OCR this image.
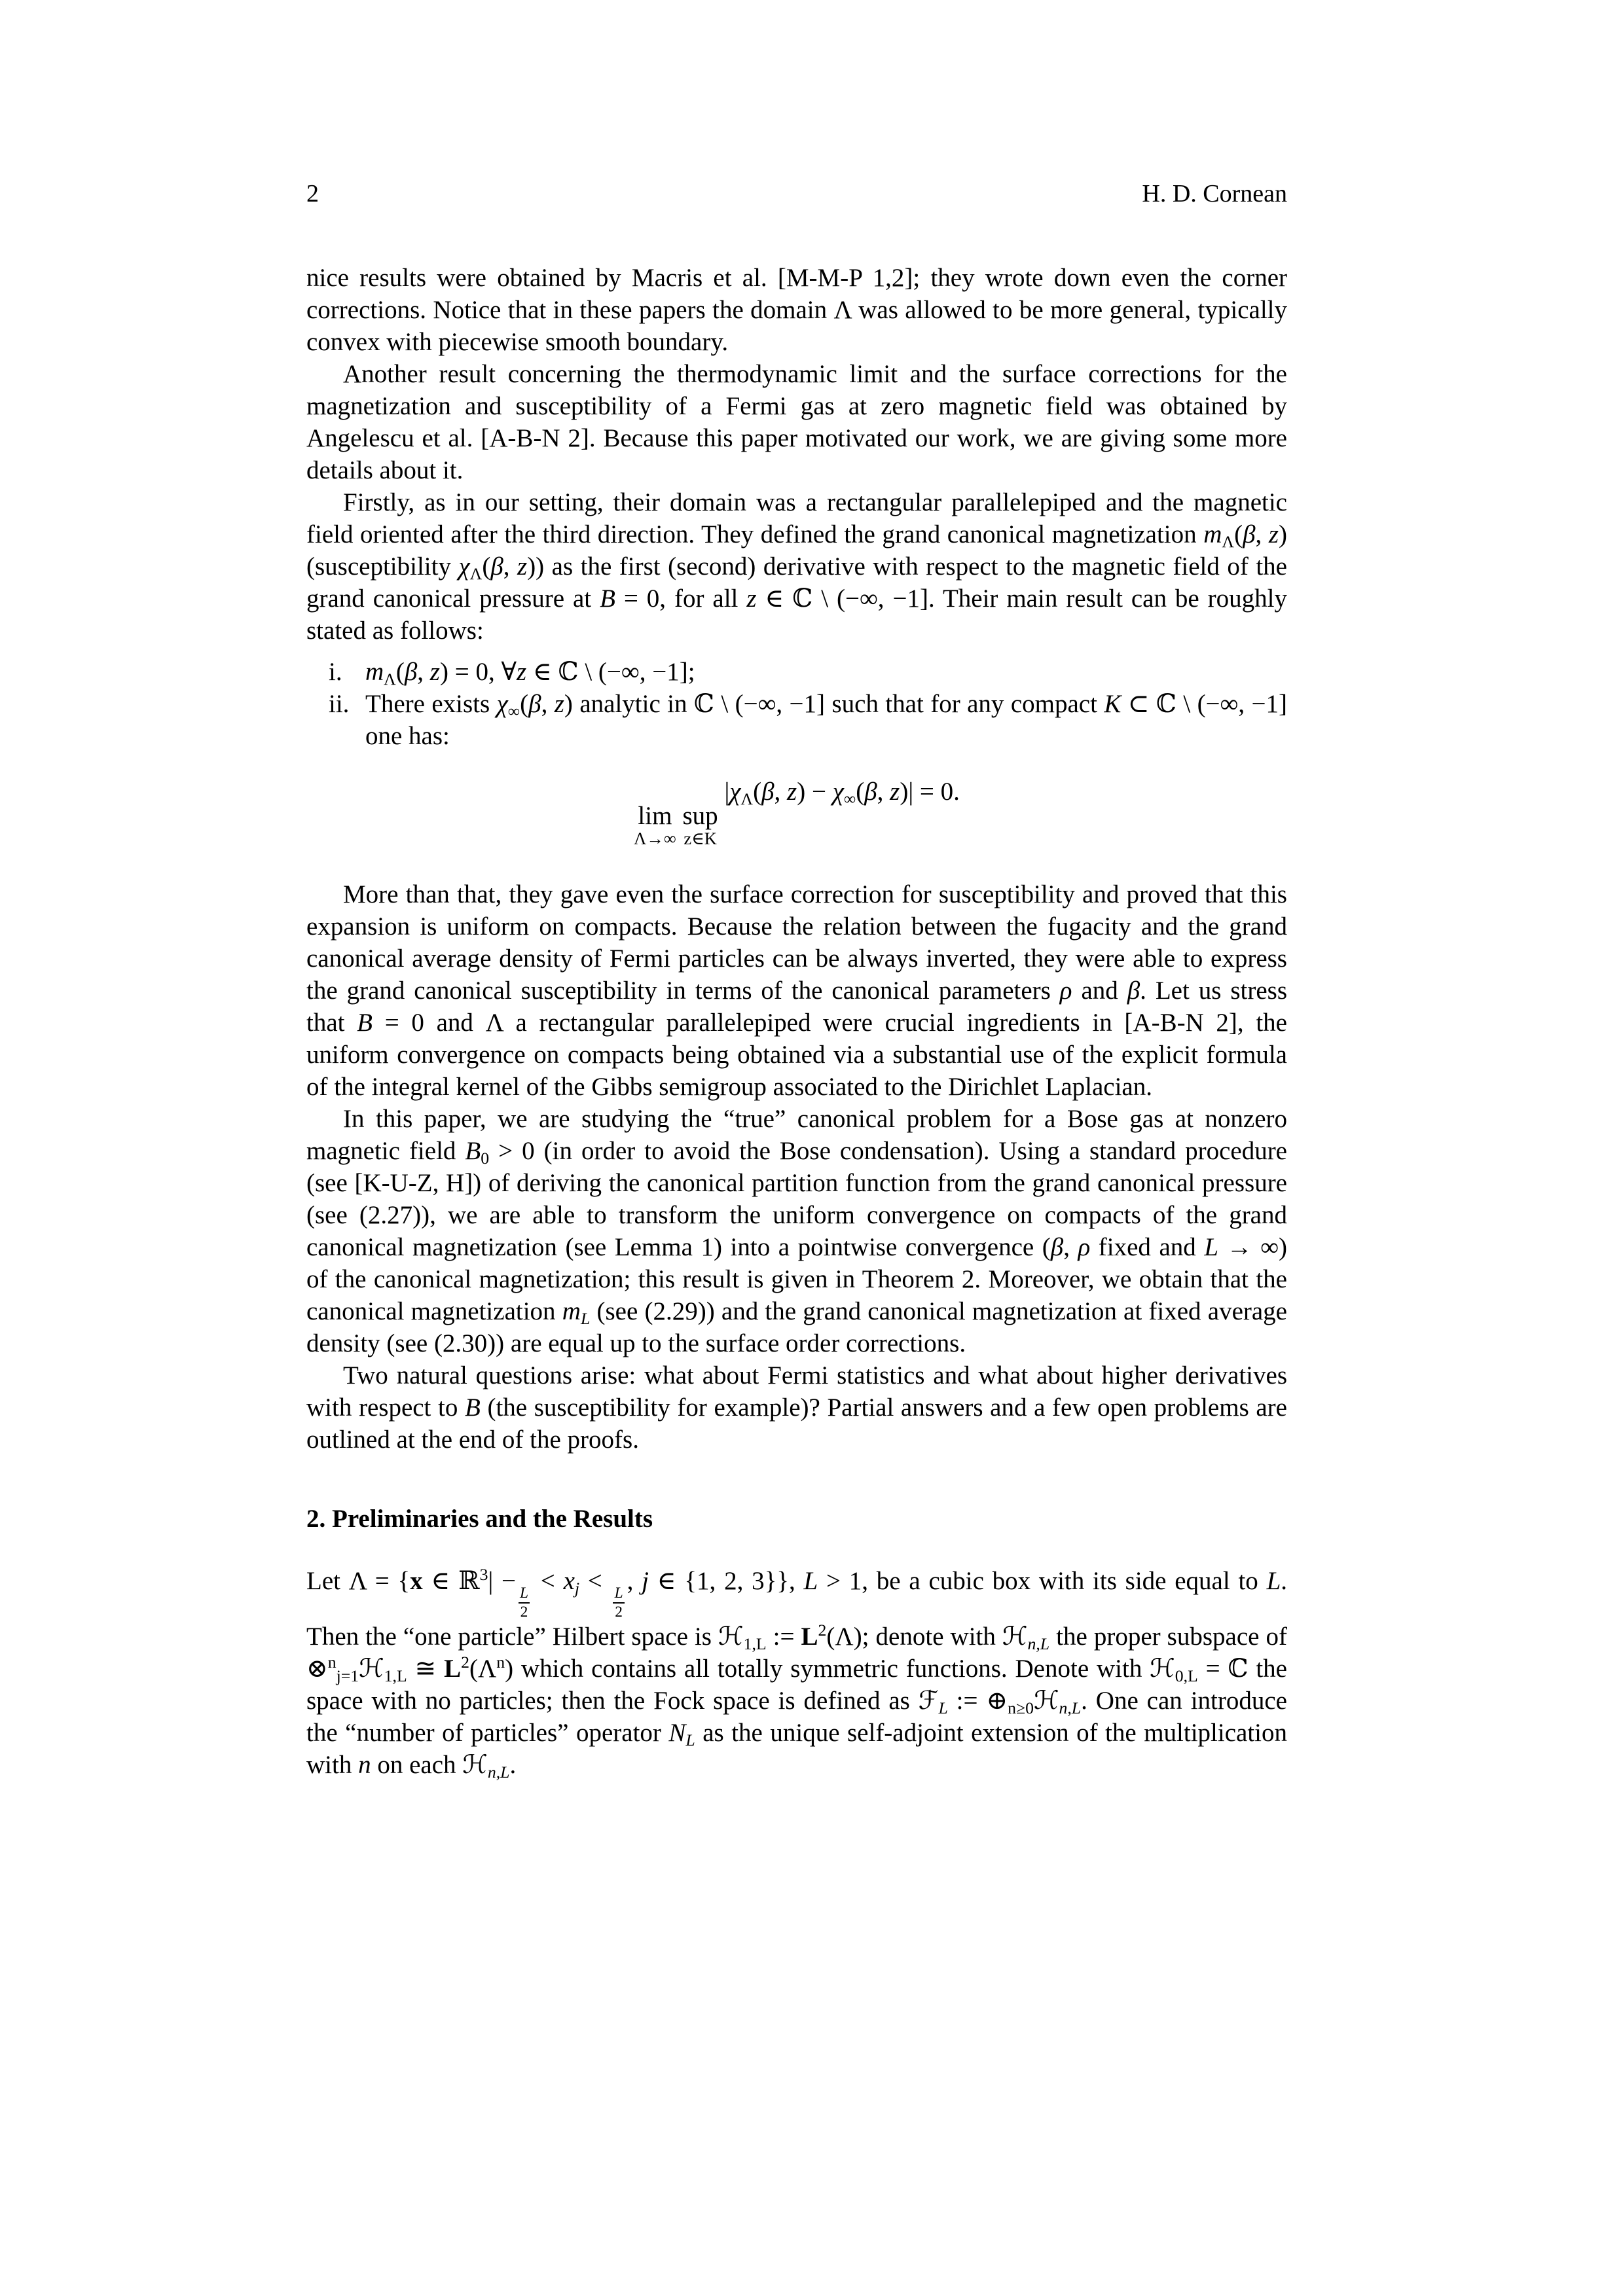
2	H. D. Cornean

nice results were obtained by Macris et al. [M-M-P 1,2]; they wrote down even the corner corrections. Notice that in these papers the domain Λ was allowed to be more general, typically convex with piecewise smooth boundary.

Another result concerning the thermodynamic limit and the surface corrections for the magnetization and susceptibility of a Fermi gas at zero magnetic field was obtained by Angelescu et al. [A-B-N 2]. Because this paper motivated our work, we are giving some more details about it.

Firstly, as in our setting, their domain was a rectangular parallelepiped and the magnetic field oriented after the third direction. They defined the grand canonical magnetization $m_\Lambda(\beta$, z) (susceptibility $\chi_\Lambda(\beta$, z)) as the first (second) derivative with respect to the magnetic field of the grand canonical pressure at B = 0, for all z ∈ ℂ \ (−∞, −1]. Their main result can be roughly stated as follows:

i. $m_\Lambda(\beta$, z) = 0, ∀z ∈ ℂ \ (−∞, −1];
ii. There exists $\chi_\infty(\beta$, z) analytic in ℂ \ (−∞, −1] such that for any compact K ⊂ ℂ \ (−∞, −1] one has:
lim
Λ→∞

sup
z∈K
$|\chi_\Lambda(\beta$, $z) - \chi_\infty(\beta$, z)| = 0.

More than that, they gave even the surface correction for susceptibility and proved that this expansion is uniform on compacts. Because the relation between the fugacity and the grand canonical average density of Fermi particles can be always inverted, they were able to express the grand canonical susceptibility in terms of the canonical parameters ρ and β. Let us stress that B = 0 and Λ a rectangular parallelepiped were crucial ingredients in [A-B-N 2], the uniform convergence on compacts being obtained via a substantial use of the explicit formula of the integral kernel of the Gibbs semigroup associated to the Dirichlet Laplacian.

In this paper, we are studying the “true” canonical problem for a Bose gas at nonzero magnetic field $B_0 > 0$ (in order to avoid the Bose condensation). Using a standard procedure (see [K-U-Z, H]) of deriving the canonical partition function from the grand canonical pressure (see (2.27)), we are able to transform the uniform convergence on compacts of the grand canonical magnetization (see Lemma 1) into a pointwise convergence (β, ρ fixed and L → ∞) of the canonical magnetization; this result is given in Theorem 2. Moreover, we obtain that the canonical magnetization $m_L$ (see (2.29)) and the grand canonical magnetization at fixed average density (see (2.30)) are equal up to the surface order corrections.

Two natural questions arise: what about Fermi statistics and what about higher derivatives with respect to B (the susceptibility for example)? Partial answers and a few open problems are outlined at the end of the proofs.

2. Preliminaries and the Results

Let Λ = {x ∈ ℝ$^3$| −
$\frac{L}{2}$
< $x_j$ <
$\frac{L}{2}$
, j ∈ {1, 2, 3}}, L > 1, be a cubic box with its side equal to L. Then the “one particle” Hilbert space is ℋ$_{1,L}$ := $L^2(\Lambda)$; denote with ℋ$_{n,L}$ the proper subspace of ⊗$^n_{j=1}$ℋ$_{1,L}$ ≅ $L^2(\Lambda^n)$ which contains all totally symmetric functions. Denote with ℋ$_{0,L}$ = ℂ the space with no particles; then the Fock space is defined as ℱ$_L$ := $\oplus_{n\ge 0}ℋ_{n,L}$. One can introduce the “number of particles” operator $N_L$ as the unique self-adjoint extension of the multiplication with n on each ℋ$_{n,L}$.
